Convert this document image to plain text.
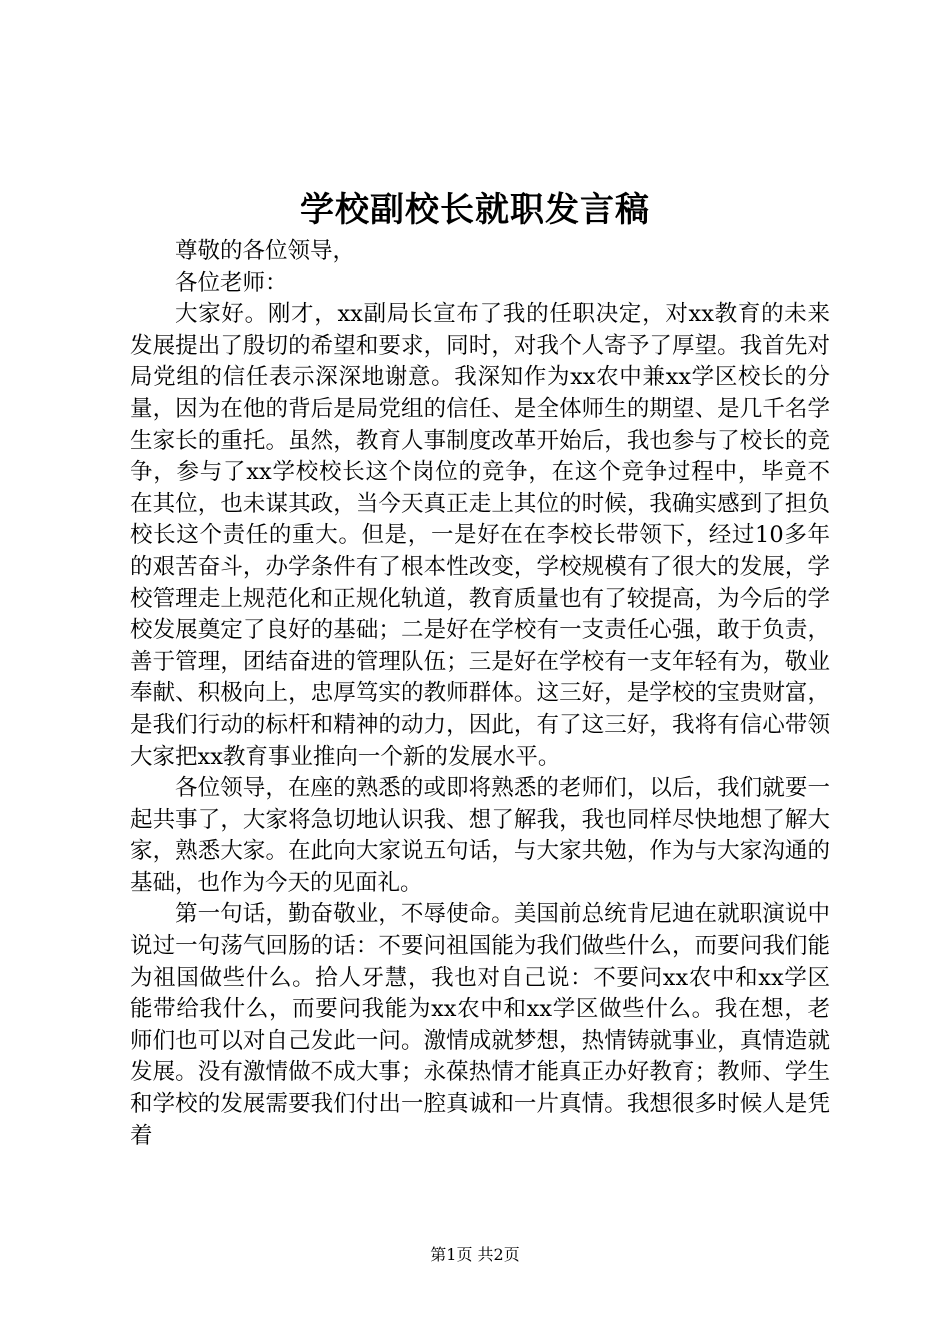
学校副校长就职发言稿

尊敬的各位领导，

各位老师：

大家好。刚才，xx副局长宣布了我的任职决定，对xx教育的未来发展提出了殷切的希望和要求，同时，对我个人寄予了厚望。我首先对局党组的信任表示深深地谢意。我深知作为xx农中兼xx学区校长的分量，因为在他的背后是局党组的信任、是全体师生的期望、是几千名学生家长的重托。虽然，教育人事制度改革开始后，我也参与了校长的竞争，参与了xx学校校长这个岗位的竞争，在这个竞争过程中，毕竟不在其位，也未谋其政，当今天真正走上其位的时候，我确实感到了担负校长这个责任的重大。但是，一是好在在李校长带领下，经过10多年的艰苦奋斗，办学条件有了根本性改变，学校规模有了很大的发展，学校管理走上规范化和正规化轨道，教育质量也有了较提高，为今后的学校发展奠定了良好的基础；二是好在学校有一支责任心强，敢于负责，善于管理，团结奋进的管理队伍；三是好在学校有一支年轻有为，敬业奉献、积极向上，忠厚笃实的教师群体。这三好，是学校的宝贵财富，是我们行动的标杆和精神的动力，因此，有了这三好，我将有信心带领大家把xx教育事业推向一个新的发展水平。

各位领导，在座的熟悉的或即将熟悉的老师们，以后，我们就要一起共事了，大家将急切地认识我、想了解我，我也同样尽快地想了解大家，熟悉大家。在此向大家说五句话，与大家共勉，作为与大家沟通的基础，也作为今天的见面礼。

第一句话，勤奋敬业，不辱使命。美国前总统肯尼迪在就职演说中说过一句荡气回肠的话：不要问祖国能为我们做些什么，而要问我们能为祖国做些什么。拾人牙慧，我也对自己说：不要问xx农中和xx学区能带给我什么，而要问我能为xx农中和xx学区做些什么。我在想，老师们也可以对自己发此一问。激情成就梦想，热情铸就事业，真情造就发展。没有激情做不成大事；永葆热情才能真正办好教育；教师、学生和学校的发展需要我们付出一腔真诚和一片真情。我想很多时候人是凭着

第1页 共2页
